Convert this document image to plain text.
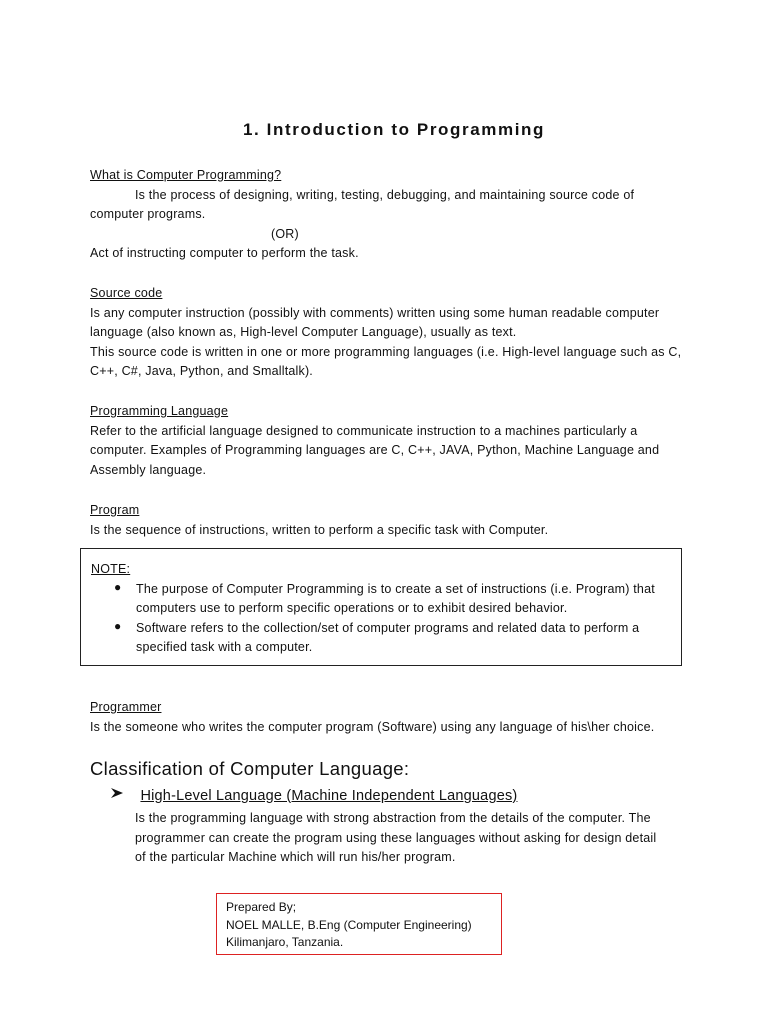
1. Introduction to Programming
What is Computer Programming?
Is the process of designing, writing, testing, debugging, and maintaining source code of
computer programs.
(OR)
Act of instructing computer to perform the task.
Source code
Is any computer instruction (possibly with comments) written using some human readable computer
language (also known as, High-level Computer Language), usually as text.
This source code is written in one or more programming languages (i.e. High-level language such as C,
C++, C#, Java, Python, and Smalltalk).
Programming Language
Refer to the artificial language designed to communicate instruction to a machines particularly a
computer. Examples of Programming languages are C, C++, JAVA, Python, Machine Language and
Assembly language.
Program
Is the sequence of instructions, written to perform a specific task with Computer.
NOTE:
● The purpose of Computer Programming is to create a set of instructions (i.e. Program) that
computers use to perform specific operations or to exhibit desired behavior.
● Software refers to the collection/set of computer programs and related data to perform a
specified task with a computer.
Programmer
Is the someone who writes the computer program (Software) using any language of his\her choice.
Classification of Computer Language:
High-Level Language (Machine Independent Languages)
Is the programming language with strong abstraction from the details of the computer. The
programmer can create the program using these languages without asking for design detail
of the particular Machine which will run his/her program.
Prepared By;
NOEL MALLE, B.Eng (Computer Engineering)
Kilimanjaro, Tanzania.
